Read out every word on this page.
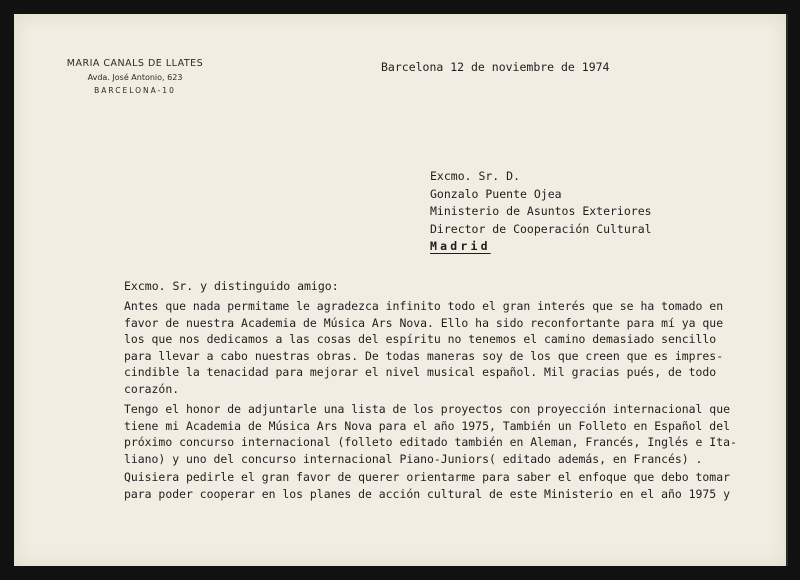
MARIA CANALS DE LLATES
Avda. José Antonio, 623
BARCELONA-10
Barcelona 12 de noviembre de 1974
Excmo. Sr. D.
Gonzalo Puente Ojea
Ministerio de Asuntos Exteriores
Director de Cooperación Cultural
Madrid
Excmo. Sr. y distinguido amigo:
Antes que nada permitame le agradezca infinito todo el gran interés que se ha tomado en
favor de nuestra Academia de Música Ars Nova. Ello ha sido reconfortante para mí ya que
los que nos dedicamos a las cosas del espíritu no tenemos el camino demasiado sencillo
para llevar a cabo nuestras obras. De todas maneras soy de los que creen que es impres-
cindible la tenacidad para mejorar el nivel musical español. Mil gracias pués, de todo
corazón.
Tengo el honor de adjuntarle una lista de los proyectos con proyección internacional que
tiene mi Academia de Música Ars Nova para el año 1975, También un Folleto en Español del
próximo concurso internacional (folleto editado también en Aleman, Francés, Inglés e Ita-
liano) y uno del concurso internacional Piano-Juniors( editado además, en Francés) .
Quisiera pedirle el gran favor de querer orientarme para saber el enfoque que debo tomar
para poder cooperar en los planes de acción cultural de este Ministerio en el año 1975 y
